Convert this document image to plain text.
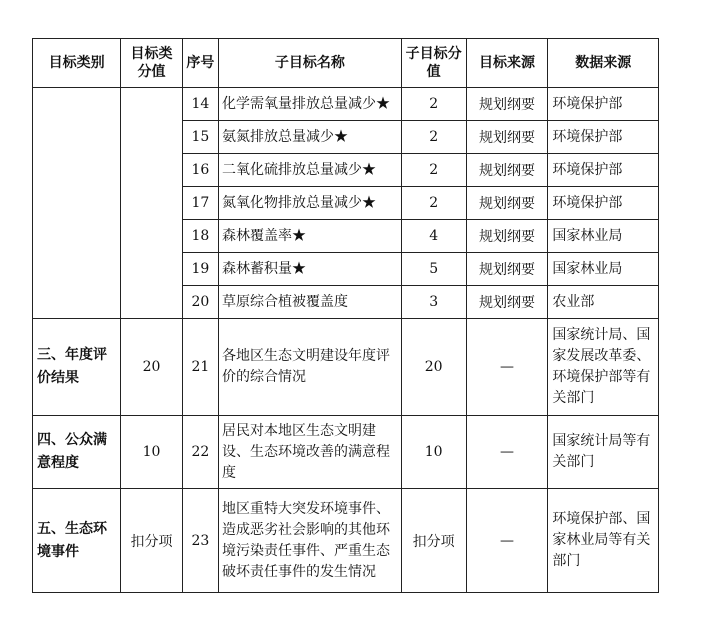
目标类别	目标类分值	序号	子目标名称	子目标分值	目标来源	数据来源
		14	化学需氧量排放总量减少★	2	规划纲要	环境保护部
		15	氨氮排放总量减少★	2	规划纲要	环境保护部
		16	二氧化硫排放总量减少★	2	规划纲要	环境保护部
		17	氮氧化物排放总量减少★	2	规划纲要	环境保护部
		18	森林覆盖率★	4	规划纲要	国家林业局
		19	森林蓄积量★	5	规划纲要	国家林业局
		20	草原综合植被覆盖度	3	规划纲要	农业部
三、年度评价结果	20	21	各地区生态文明建设年度评价的综合情况	20	—	国家统计局、国家发展改革委、环境保护部等有关部门
四、公众满意程度	10	22	居民对本地区生态文明建设、生态环境改善的满意程度	10	—	国家统计局等有关部门
五、生态环境事件	扣分项	23	地区重特大突发环境事件、造成恶劣社会影响的其他环境污染责任事件、严重生态破坏责任事件的发生情况	扣分项	—	环境保护部、国家林业局等有关部门
